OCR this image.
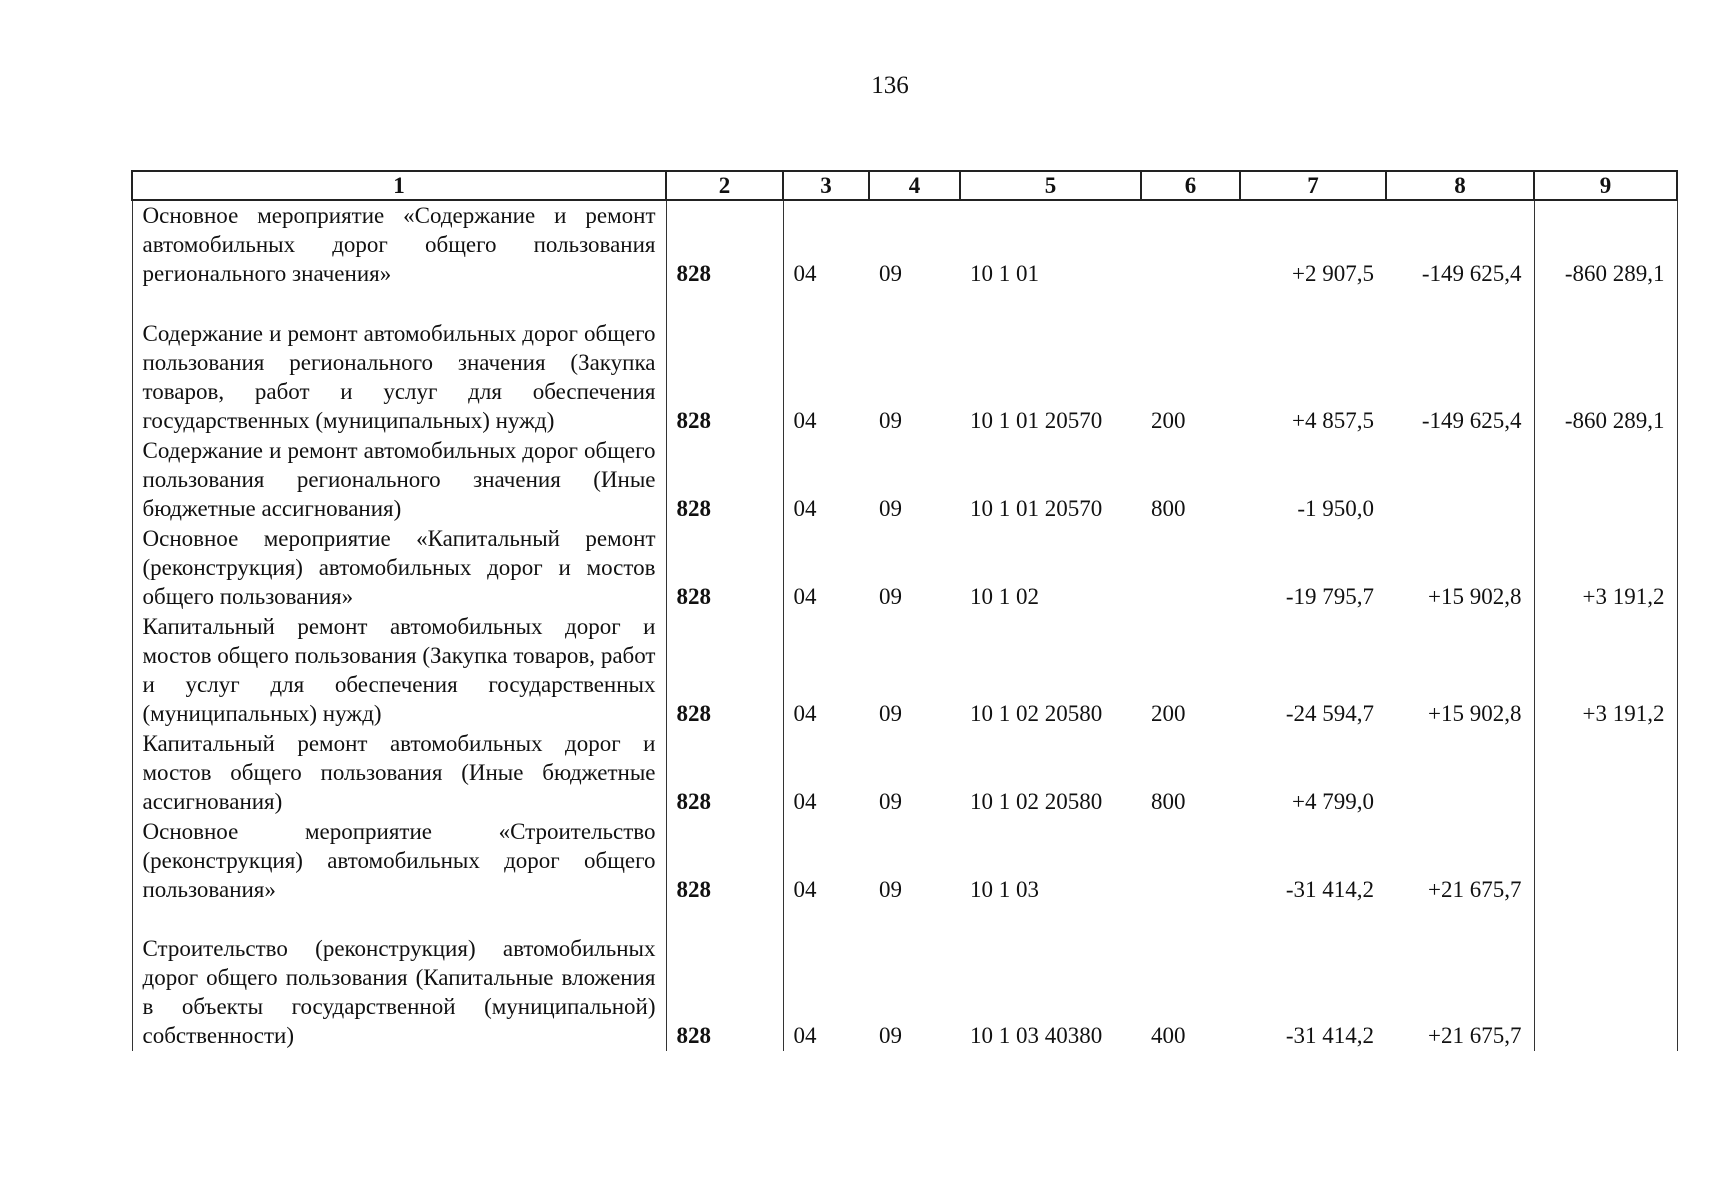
136
1	2	3	4	5	6	7	8	9

Основное мероприятие «Содержание и ремонт автомобильных дорог общего пользования регионального значения»	828	04	09	10 1 01		+2 907,5	-149 625,4	-860 289,1

Содержание и ремонт автомобильных дорог общего пользования регионального значения (Закупка товаров, работ и услуг для обеспечения государственных (муниципальных) нужд)	828	04	09	10 1 01 20570	200	+4 857,5	-149 625,4	-860 289,1

Содержание и ремонт автомобильных дорог общего пользования регионального значения (Иные бюджетные ассигнования)	828	04	09	10 1 01 20570	800	-1 950,0		

Основное мероприятие «Капитальный ремонт (реконструкция) автомобильных дорог и мостов общего пользования»	828	04	09	10 1 02		-19 795,7	+15 902,8	+3 191,2

Капитальный ремонт автомобильных дорог и мостов общего пользования (Закупка товаров, работ и услуг для обеспечения государственных (муниципальных) нужд)	828	04	09	10 1 02 20580	200	-24 594,7	+15 902,8	+3 191,2

Капитальный ремонт автомобильных дорог и мостов общего пользования (Иные бюджетные ассигнования)	828	04	09	10 1 02 20580	800	+4 799,0		

Основное мероприятие «Строительство (реконструкция) автомобильных дорог общего пользования»	828	04	09	10 1 03		-31 414,2	+21 675,7	

Строительство (реконструкция) автомобильных дорог общего пользования (Капитальные вложения в объекты государственной (муниципальной) собственности)	828	04	09	10 1 03 40380	400	-31 414,2	+21 675,7	
